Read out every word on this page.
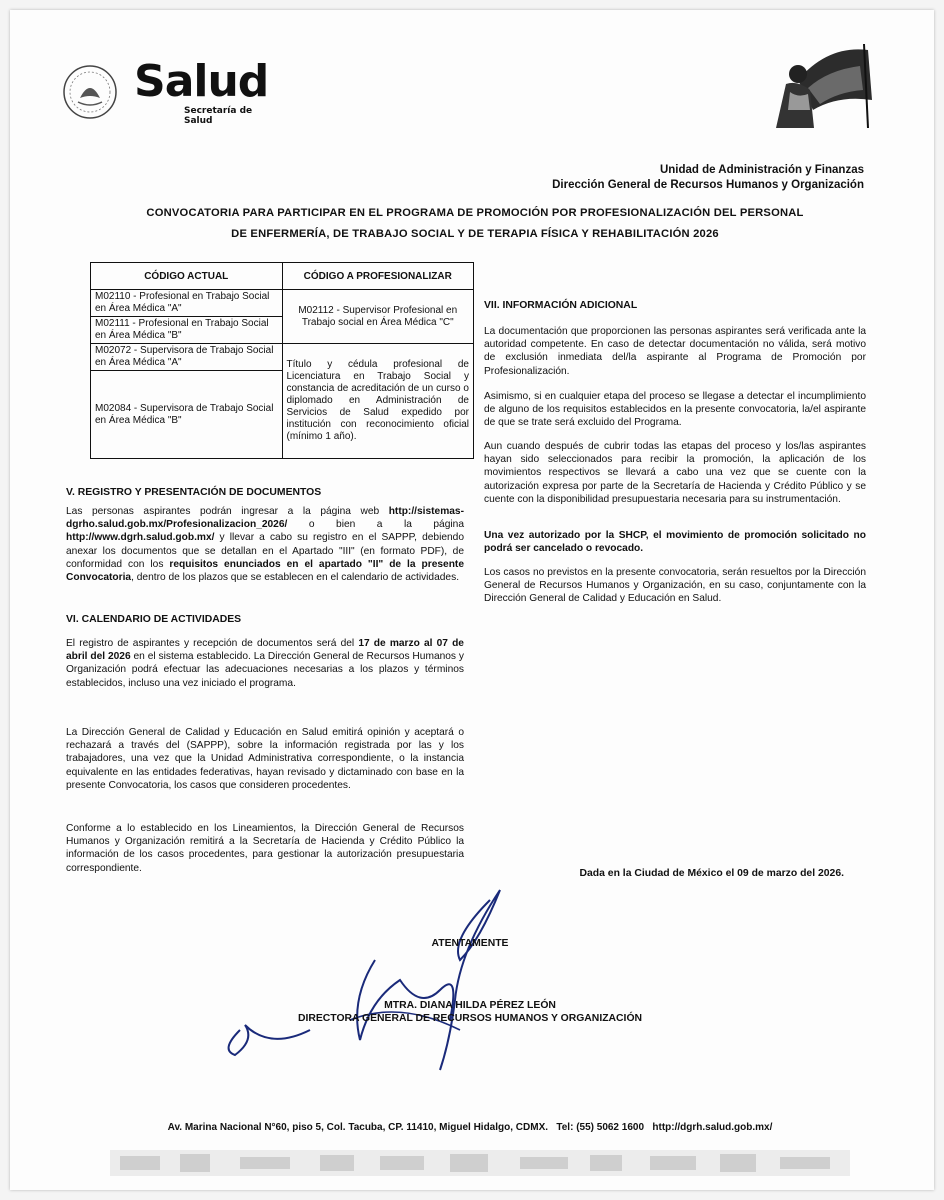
Salud
Secretaría de Salud
Unidad de Administración y Finanzas
Dirección General de Recursos Humanos y Organización
CONVOCATORIA PARA PARTICIPAR EN EL PROGRAMA DE PROMOCIÓN POR PROFESIONALIZACIÓN DEL PERSONAL
DE ENFERMERÍA, DE TRABAJO SOCIAL Y DE TERAPIA FÍSICA Y REHABILITACIÓN 2026
CÓDIGO ACTUAL	CÓDIGO A PROFESIONALIZAR
M02110 - Profesional en Trabajo Social en Área Médica "A"	M02112 - Supervisor Profesional en Trabajo social en Área Médica "C"
M02111 - Profesional en Trabajo Social en Área Médica "B"	
M02072 - Supervisora de Trabajo Social en Área Médica "A"	Título y cédula profesional de Licenciatura en Trabajo Social y constancia de acreditación de un curso o diplomado en Administración de Servicios de Salud expedido por institución con reconocimiento oficial (mínimo 1 año).
M02084 - Supervisora de Trabajo Social en Área Médica "B"	
V. REGISTRO Y PRESENTACIÓN DE DOCUMENTOS

Las personas aspirantes podrán ingresar a la página web http://sistemas-dgrho.salud.gob.mx/Profesionalizacion_2026/ o bien a la página http://www.dgrh.salud.gob.mx/ y llevar a cabo su registro en el SAPPP, debiendo anexar los documentos que se detallan en el Apartado "III" (en formato PDF), de conformidad con los requisitos enunciados en el apartado "II" de la presente Convocatoria, dentro de los plazos que se establecen en el calendario de actividades.

VI. CALENDARIO DE ACTIVIDADES

El registro de aspirantes y recepción de documentos será del 17 de marzo al 07 de abril del 2026 en el sistema establecido. La Dirección General de Recursos Humanos y Organización podrá efectuar las adecuaciones necesarias a los plazos y términos establecidos, incluso una vez iniciado el programa.

La Dirección General de Calidad y Educación en Salud emitirá opinión y aceptará o rechazará a través del (SAPPP), sobre la información registrada por las y los trabajadores, una vez que la Unidad Administrativa correspondiente, o la instancia equivalente en las entidades federativas, hayan revisado y dictaminado con base en la presente Convocatoria, los casos que consideren procedentes.

Conforme a lo establecido en los Lineamientos, la Dirección General de Recursos Humanos y Organización remitirá a la Secretaría de Hacienda y Crédito Público la información de los casos procedentes, para gestionar la autorización presupuestaria correspondiente.

VII. INFORMACIÓN ADICIONAL

La documentación que proporcionen las personas aspirantes será verificada ante la autoridad competente. En caso de detectar documentación no válida, será motivo de exclusión inmediata del/la aspirante al Programa de Promoción por Profesionalización.

Asimismo, si en cualquier etapa del proceso se llegase a detectar el incumplimiento de alguno de los requisitos establecidos en la presente convocatoria, la/el aspirante de que se trate será excluido del Programa.

Aun cuando después de cubrir todas las etapas del proceso y los/las aspirantes hayan sido seleccionados para recibir la promoción, la aplicación de los movimientos respectivos se llevará a cabo una vez que se cuente con la autorización expresa por parte de la Secretaría de Hacienda y Crédito Público y se cuente con la disponibilidad presupuestaria necesaria para su instrumentación.

Una vez autorizado por la SHCP, el movimiento de promoción solicitado no podrá ser cancelado o revocado.

Los casos no previstos en la presente convocatoria, serán resueltos por la Dirección General de Recursos Humanos y Organización, en su caso, conjuntamente con la Dirección General de Calidad y Educación en Salud.

Dada en la Ciudad de México el 09 de marzo del 2026.
ATENTAMENTE
MTRA. DIANA HILDA PÉREZ LEÓN
DIRECTORA GENERAL DE RECURSOS HUMANOS Y ORGANIZACIÓN
Av. Marina Nacional N°60, piso 5, Col. Tacuba, CP. 11410, Miguel Hidalgo, CDMX. Tel: (55) 5062 1600 http://dgrh.salud.gob.mx/
